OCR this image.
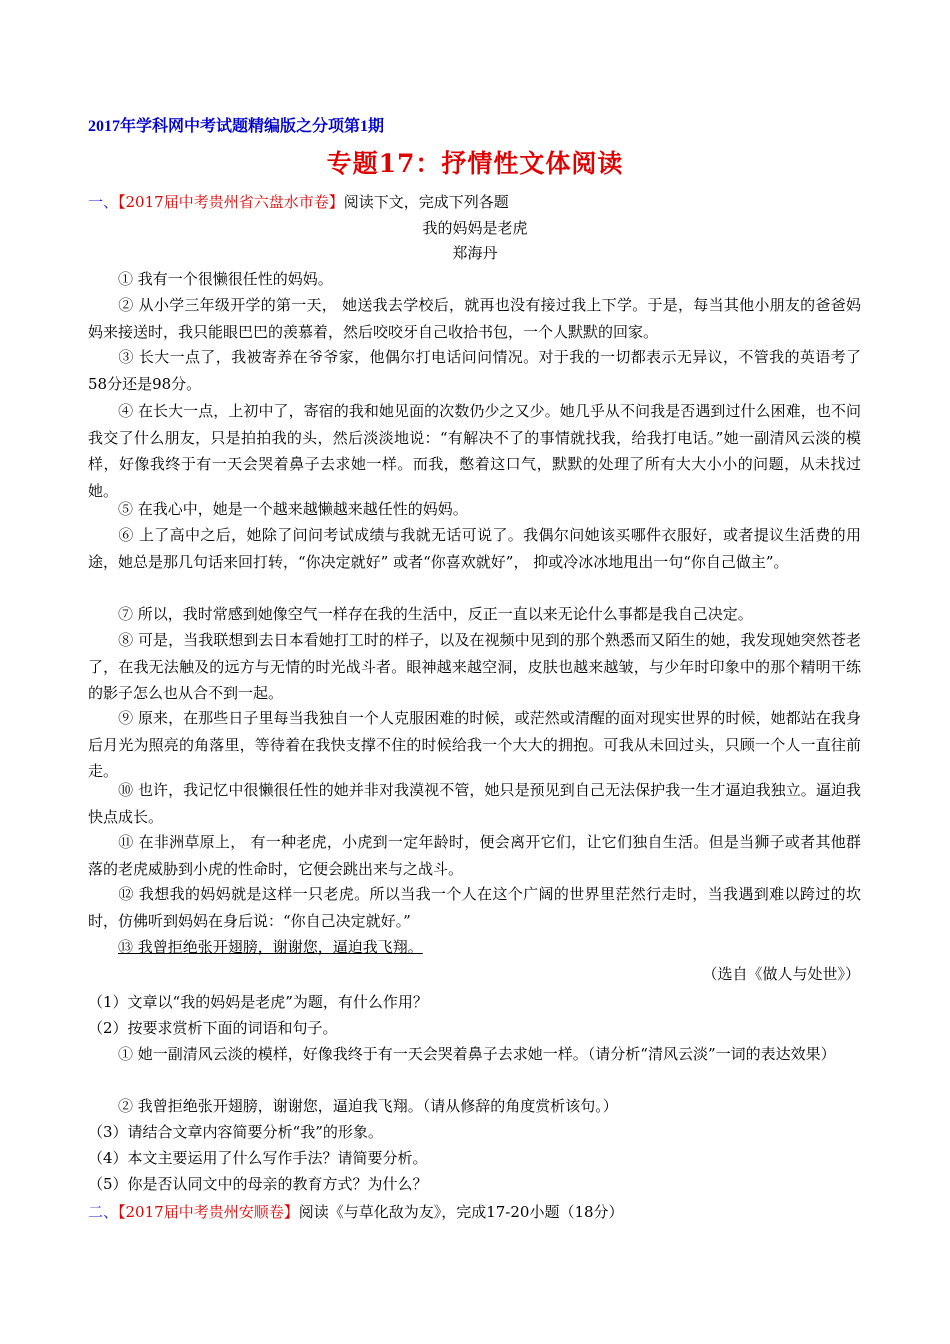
2017年学科网中考试题精编版之分项第1期
专题17：抒情性文体阅读
一、【2017届中考贵州省六盘水市卷】阅读下文，完成下列各题
我的妈妈是老虎
郑海丹
① 我有一个很懒很任性的妈妈。
② 从小学三年级开学的第一天， 她送我去学校后，就再也没有接过我上下学。于是，每当其他小朋友的爸爸妈妈来接送时，我只能眼巴巴的羡慕着，然后咬咬牙自己收拾书包，一个人默默的回家。
③ 长大一点了，我被寄养在爷爷家，他偶尔打电话问问情况。对于我的一切都表示无异议，不管我的英语考了58分还是98分。
④ 在长大一点，上初中了，寄宿的我和她见面的次数仍少之又少。她几乎从不问我是否遇到过什么困难，也不问我交了什么朋友，只是拍拍我的头，然后淡淡地说：“有解决不了的事情就找我，给我打电话。”她一副清风云淡的模样，好像我终于有一天会哭着鼻子去求她一样。而我，憋着这口气，默默的处理了所有大大小小的问题，从未找过她。
⑤ 在我心中，她是一个越来越懒越来越任性的妈妈。
⑥ 上了高中之后，她除了问问考试成绩与我就无话可说了。我偶尔问她该买哪件衣服好，或者提议生活费的用途，她总是那几句话来回打转，“你决定就好” 或者“你喜欢就好”， 抑或冷冰冰地甩出一句“你自己做主”。
⑦ 所以，我时常感到她像空气一样存在我的生活中，反正一直以来无论什么事都是我自己决定。
⑧ 可是，当我联想到去日本看她打工时的样子，以及在视频中见到的那个熟悉而又陌生的她，我发现她突然苍老了，在我无法触及的远方与无情的时光战斗者。眼神越来越空洞，皮肤也越来越皱，与少年时印象中的那个精明干练的影子怎么也从合不到一起。
⑨ 原来，在那些日子里每当我独自一个人克服困难的时候，或茫然或清醒的面对现实世界的时候，她都站在我身后月光为照亮的角落里，等待着在我快支撑不住的时候给我一个大大的拥抱。可我从未回过头，只顾一个人一直往前走。
⑩ 也许，我记忆中很懒很任性的她并非对我漠视不管，她只是预见到自己无法保护我一生才逼迫我独立。逼迫我快点成长。
⑪ 在非洲草原上， 有一种老虎，小虎到一定年龄时，便会离开它们，让它们独自生活。但是当狮子或者其他群落的老虎威胁到小虎的性命时，它便会跳出来与之战斗。
⑫ 我想我的妈妈就是这样一只老虎。所以当我一个人在这个广阔的世界里茫然行走时，当我遇到难以跨过的坎时，仿佛听到妈妈在身后说：“你自己决定就好。”
⑬ 我曾拒绝张开翅膀，谢谢您，逼迫我飞翔。
（选自《做人与处世》）
（1）文章以“我的妈妈是老虎”为题，有什么作用？
（2）按要求赏析下面的词语和句子。
① 她一副清风云淡的模样，好像我终于有一天会哭着鼻子去求她一样。（请分析“清风云淡”一词的表达效果）
② 我曾拒绝张开翅膀，谢谢您，逼迫我飞翔。（请从修辞的角度赏析该句。）
（3）请结合文章内容简要分析“我”的形象。
（4）本文主要运用了什么写作手法？请简要分析。
（5）你是否认同文中的母亲的教育方式？为什么？
二、【2017届中考贵州安顺卷】阅读《与草化敌为友》，完成17-20小题（18分）
